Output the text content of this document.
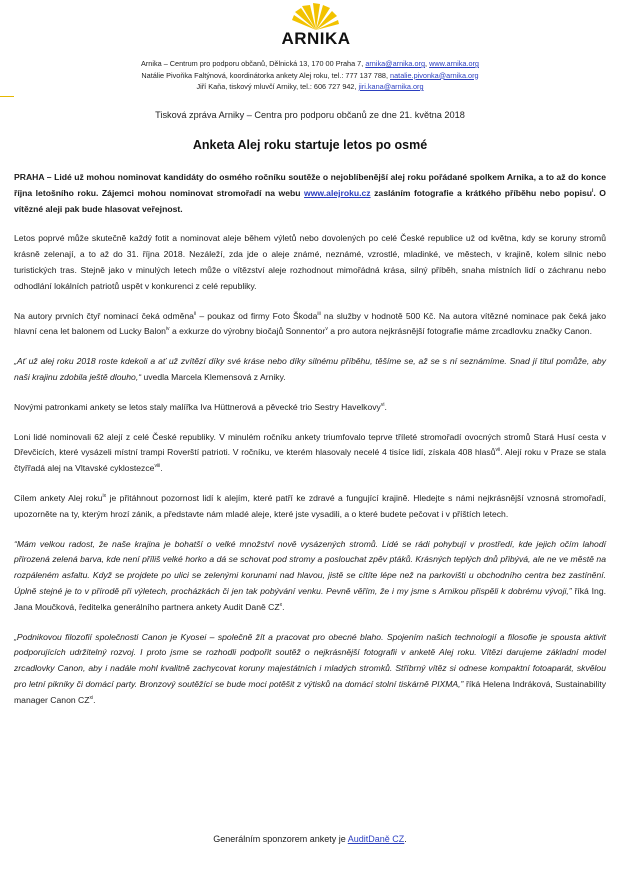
ARNIKA
Arnika – Centrum pro podporu občanů, Dělnická 13, 170 00 Praha 7, arnika@arnika.org, www.arnika.org
Natálie Pivoňka Faltýnová, koordinátorka ankety Alej roku, tel.: 777 137 788, natalie.pivonka@arnika.org
Jiří Kaňa, tiskový mluvčí Arniky, tel.: 606 727 942, jiri.kana@arnika.org
Tisková zpráva Arniky – Centra pro podporu občanů ze dne 21. května 2018
Anketa Alej roku startuje letos po osmé

PRAHA – Lidé už mohou nominovat kandidáty do osmého ročníku soutěže o nejoblíbenější alej roku pořádané spolkem Arnika, a to až do konce října letošního roku. Zájemci mohou nominovat stromořadí na webu www.alejroku.cz zasláním fotografie a krátkého příběhu nebo popisu$^i$. O vítězné aleji pak bude hlasovat veřejnost.

Letos poprvé může skutečně každý fotit a nominovat aleje během výletů nebo dovolených po celé České republice už od května, kdy se koruny stromů krásně zelenají, a to až do 31. října 2018. Nezáleží, zda jde o aleje známé, neznámé, vzrostlé, mladinké, ve městech, v krajině, kolem silnic nebo turistických tras. Stejně jako v minulých letech může o vítězství aleje rozhodnout mimořádná krása, silný příběh, snaha místních lidí o záchranu nebo odhodlání lokálních patriotů uspět v konkurenci z celé republiky.

Na autory prvních čtyř nominací čeká odměna$^{ii}$ – poukaz od firmy Foto Škoda$^{iii}$ na služby v hodnotě 500 Kč. Na autora vítězné nominace pak čeká jako hlavní cena let balonem od Lucky Balon$^{iv}$ a exkurze do výrobny biočajů Sonnentor$^v$ a pro autora nejkrásnější fotografie máme zrcadlovku značky Canon.

„Ať už alej roku 2018 roste kdekoli a ať už zvítězí díky své kráse nebo díky silnému příběhu, těšíme se, až se s ní seznámíme. Snad jí titul pomůže, aby naši krajinu zdobila ještě dlouho,“ uvedla Marcela Klemensová z Arniky.

Novými patronkami ankety se letos staly malířka Iva Hüttnerová a pěvecké trio Sestry Havelkovy$^{vi}$.

Loni lidé nominovali 62 alejí z celé České republiky. V minulém ročníku ankety triumfovalo teprve tříleté stromořadí ovocných stromů Stará Husí cesta v Dřevčicích, které vysázeli místní trampi Roverští patrioti. V ročníku, ve kterém hlasovaly necelé 4 tisíce lidí, získala 408 hlasů$^{vii}$. Alejí roku v Praze se stala čtyřřadá alej na Vltavské cyklostezce$^{viii}$.

Cílem ankety Alej roku$^{ix}$ je přitáhnout pozornost lidí k alejím, které patří ke zdravé a fungující krajině. Hledejte s námi nejkrásnější vznosná stromořadí, upozorněte na ty, kterým hrozí zánik, a představte nám mladé aleje, které jste vysadili, a o které budete pečovat i v příštích letech.

“Mám velkou radost, že naše krajina je bohatší o velké množství nově vysázených stromů. Lidé se rádi pohybují v prostředí, kde jejich očím lahodí přirozená zelená barva, kde není příliš velké horko a dá se schovat pod stromy a poslouchat zpěv ptáků. Krásných teplých dnů přibývá, ale ne ve městě na rozpáleném asfaltu. Když se projdete po ulici se zelenými korunami nad hlavou, jistě se cítíte lépe než na parkovišti u obchodního centra bez zastínění. Úplně stejné je to v přírodě při výletech, procházkách či jen tak pobývání venku. Pevně věřím, že i my jsme s Arnikou přispěli k dobrému vývoji,” říká Ing. Jana Moučková, ředitelka generálního partnera ankety Audit Daně $CZ^x$.

„Podnikovou filozofií společnosti Canon je Kyosei – společně žít a pracovat pro obecné blaho. Spojením našich technologií a filosofie je spousta aktivit podporujících udržitelný rozvoj. I proto jsme se rozhodli podpořit soutěž o nejkrásnější fotografii v anketě Alej roku. Vítězi darujeme základní model zrcadlovky Canon, aby i nadále mohl kvalitně zachycovat koruny majestátních i mladých stromků. Stříbrný vítěz si odnese kompaktní fotoaparát, skvělou pro letní pikniky či domácí party. Bronzový soutěžící se bude moci potěšit z výtisků na domácí stolní tiskárně PIXMA,” říká Helena Indráková, Sustainability manager Canon CZ$^{xi}$.

Generálním sponzorem ankety je AuditDaně CZ.
